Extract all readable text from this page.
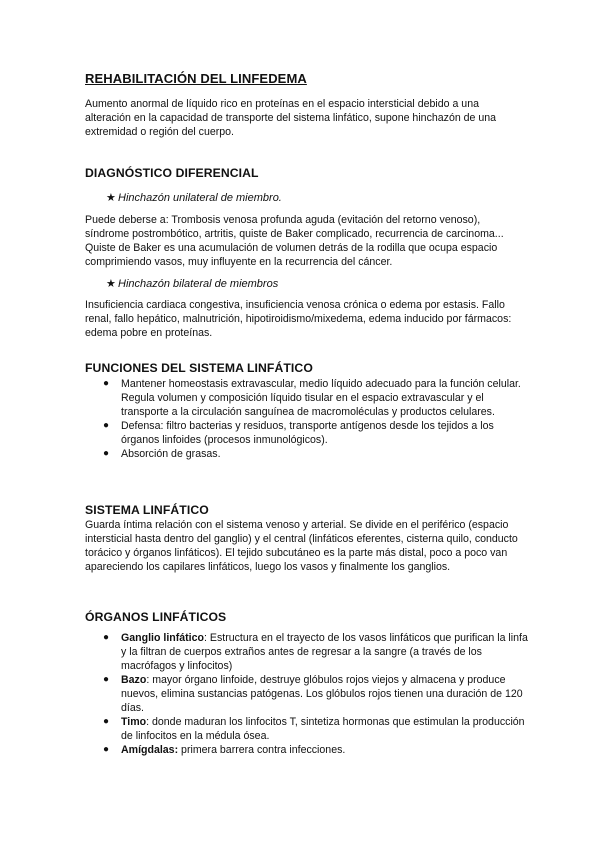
REHABILITACIÓN DEL LINFEDEMA
Aumento anormal de líquido rico en proteínas en el espacio intersticial debido a una alteración en la capacidad de transporte del sistema linfático, supone hinchazón de una extremidad o región del cuerpo.
DIAGNÓSTICO DIFERENCIAL
★ Hinchazón unilateral de miembro.
Puede deberse a: Trombosis venosa profunda aguda (evitación del retorno venoso), síndrome postrombótico, artritis, quiste de Baker complicado, recurrencia de carcinoma... Quiste de Baker es una acumulación de volumen detrás de la rodilla que ocupa espacio comprimiendo vasos, muy influyente en la recurrencia del cáncer.
★ Hinchazón bilateral de miembros
Insuficiencia cardiaca congestiva, insuficiencia venosa crónica o edema por estasis. Fallo renal, fallo hepático, malnutrición, hipotiroidismo/mixedema, edema inducido por fármacos: edema pobre en proteínas.
FUNCIONES DEL SISTEMA LINFÁTICO
● Mantener homeostasis extravascular, medio líquido adecuado para la función celular. Regula volumen y composición líquido tisular en el espacio extravascular y el transporte a la circulación sanguínea de macromoléculas y productos celulares.
● Defensa: filtro bacterias y residuos, transporte antígenos desde los tejidos a los órganos linfoides (procesos inmunológicos).
● Absorción de grasas.
SISTEMA LINFÁTICO
Guarda íntima relación con el sistema venoso y arterial. Se divide en el periférico (espacio intersticial hasta dentro del ganglio) y el central (linfáticos eferentes, cisterna quilo, conducto torácico y órganos linfáticos). El tejido subcutáneo es la parte más distal, poco a poco van apareciendo los capilares linfáticos, luego los vasos y finalmente los ganglios.
ÓRGANOS LINFÁTICOS
● Ganglio linfático: Estructura en el trayecto de los vasos linfáticos que purifican la linfa y la filtran de cuerpos extraños antes de regresar a la sangre (a través de los macrófagos y linfocitos)
● Bazo: mayor órgano linfoide, destruye glóbulos rojos viejos y almacena y produce nuevos, elimina sustancias patógenas. Los glóbulos rojos tienen una duración de 120 días.
● Timo: donde maduran los linfocitos T, sintetiza hormonas que estimulan la producción de linfocitos en la médula ósea.
● Amígdalas: primera barrera contra infecciones.
